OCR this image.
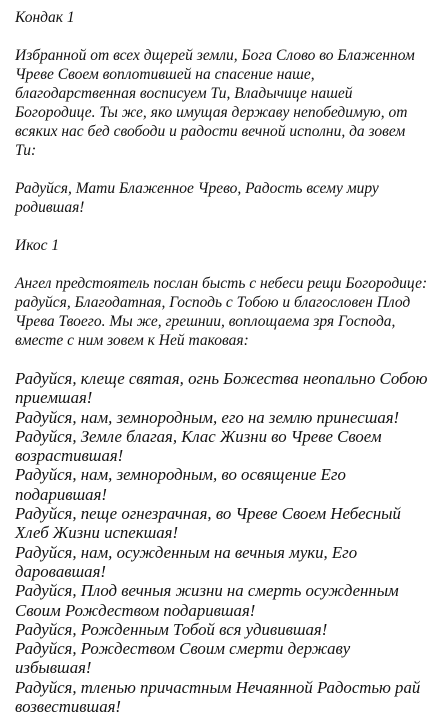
Кондак 1
Избранной от всех дщерей земли, Бога Слово во Блаженном Чреве Своем воплотившей на спасение наше, благодарственная восписуем Ти, Владычице нашей Богородице. Ты же, яко имущая державу непобедимую, от всяких нас бед свободи и радости вечной исполни, да зовем Ти:
Радуйся, Мати Блаженное Чрево, Радость всему миру родившая!
Икос 1
Ангел предстоятель послан бысть с небеси рещи Богородице: радуйся, Благодатная, Господь с Тобою и благословен Плод Чрева Твоего. Мы же, грешнии, воплощаема зря Господа, вместе с ним зовем к Ней таковая:
Радуйся, клеще святая, огнь Божества неопально Собою приемшая!
Радуйся, нам, земнородным, его на землю принесшая!
Радуйся, Земле благая, Клас Жизни во Чреве Своем возрастившая!
Радуйся, нам, земнородным, во освящение Его подарившая!
Радуйся, пеще огнезрачная, во Чреве Своем Небесный Хлеб Жизни испекшая!
Радуйся, нам, осужденным на вечныя муки, Его даровавшая!
Радуйся, Плод вечныя жизни на смерть осужденным Своим Рождеством подарившая!
Радуйся, Рожденным Тобой вся удивившая!
Радуйся, Рождеством Своим смерти державу избывшая!
Радуйся, тленью причастным Нечаянной Радостью рай возвестившая!
